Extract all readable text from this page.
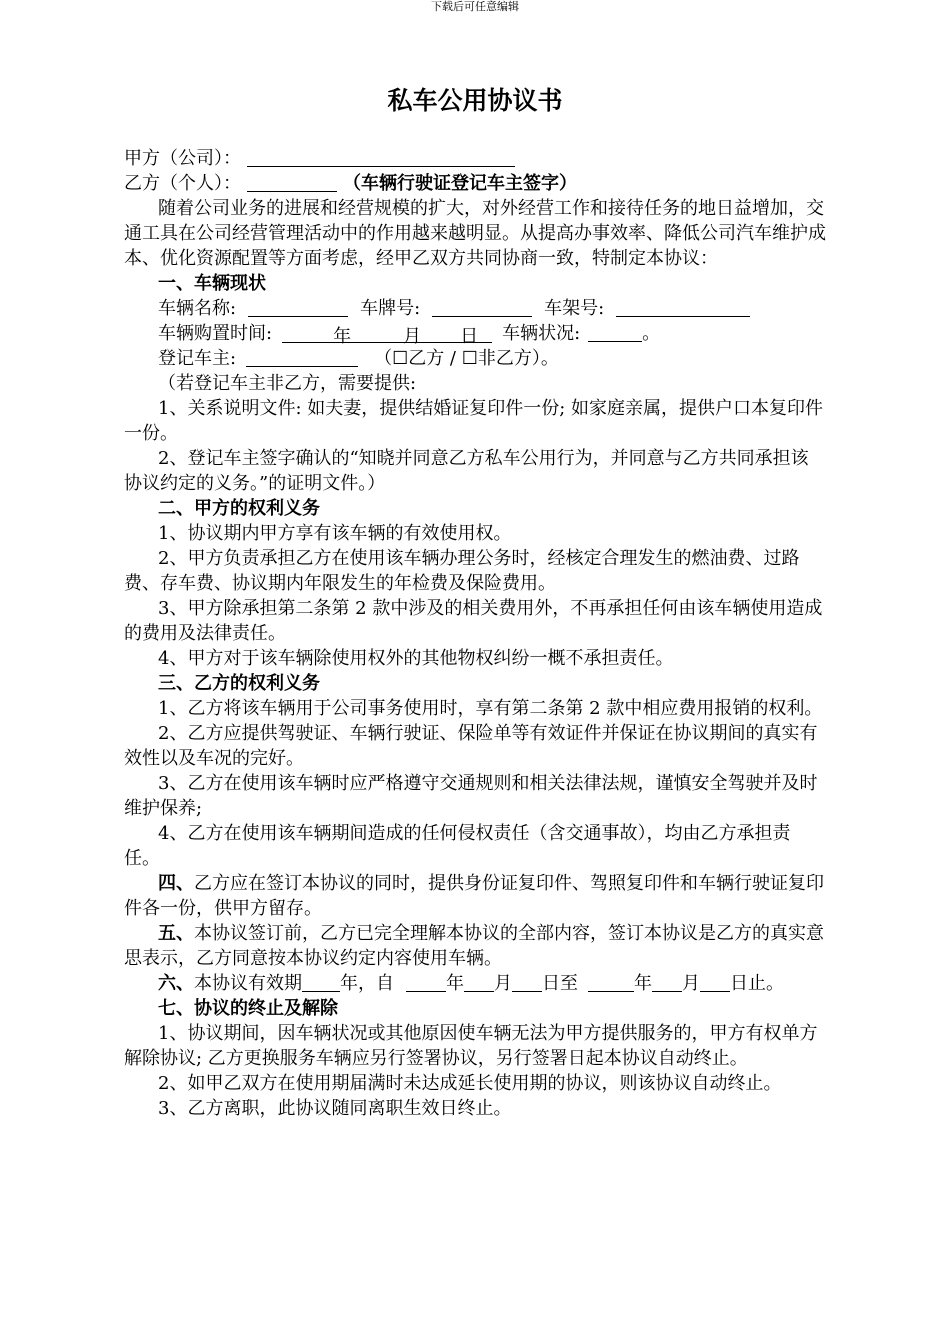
下载后可任意编辑
私车公用协议书

甲方（公司）：

乙方（个人）：	（车辆行驶证登记车主签字）

随着公司业务的进展和经营规模的扩大，对外经营工作和接待任务的地日益增加，交通工具在公司经营管理活动中的作用越来越明显。从提高办事效率、降低公司汽车维护成本、优化资源配置等方面考虑，经甲乙双方共同协商一致，特制定本协议：

一、车辆现状

车辆名称:	车牌号:	车架号:

车辆购置时间:	年	月 日 车辆状况:	。

登记车主:	（☐乙方 / ☐非乙方）。

（若登记车主非乙方，需要提供:

1、关系说明文件: 如夫妻，提供结婚证复印件一份; 如家庭亲属，提供户口本复印件一份。

2、登记车主签字确认的“知晓并同意乙方私车公用行为，并同意与乙方共同承担该协议约定的义务。”的证明文件。）

二、甲方的权利义务

1、协议期内甲方享有该车辆的有效使用权。

2、甲方负责承担乙方在使用该车辆办理公务时，经核定合理发生的燃油费、过路费、存车费、协议期内年限发生的年检费及保险费用。

3、甲方除承担第二条第 2 款中涉及的相关费用外，不再承担任何由该车辆使用造成的费用及法律责任。

4、甲方对于该车辆除使用权外的其他物权纠纷一概不承担责任。

三、乙方的权利义务

1、乙方将该车辆用于公司事务使用时，享有第二条第 2 款中相应费用报销的权利。

2、乙方应提供驾驶证、车辆行驶证、保险单等有效证件并保证在协议期间的真实有效性以及车况的完好。

3、乙方在使用该车辆时应严格遵守交通规则和相关法律法规，谨慎安全驾驶并及时维护保养;

4、乙方在使用该车辆期间造成的任何侵权责任（含交通事故），均由乙方承担责任。

四、乙方应在签订本协议的同时，提供身份证复印件、驾照复印件和车辆行驶证复印件各一份，供甲方留存。

五、本协议签订前，乙方已完全理解本协议的全部内容，签订本协议是乙方的真实意思表示，乙方同意按本协议约定内容使用车辆。

六、本协议有效期 年，自	年 月 日至	年 月 日止。

七、协议的终止及解除

1、协议期间，因车辆状况或其他原因使车辆无法为甲方提供服务的，甲方有权单方解除协议; 乙方更换服务车辆应另行签署协议，另行签署日起本协议自动终止。

2、如甲乙双方在使用期届满时未达成延长使用期的协议，则该协议自动终止。

3、乙方离职，此协议随同离职生效日终止。
